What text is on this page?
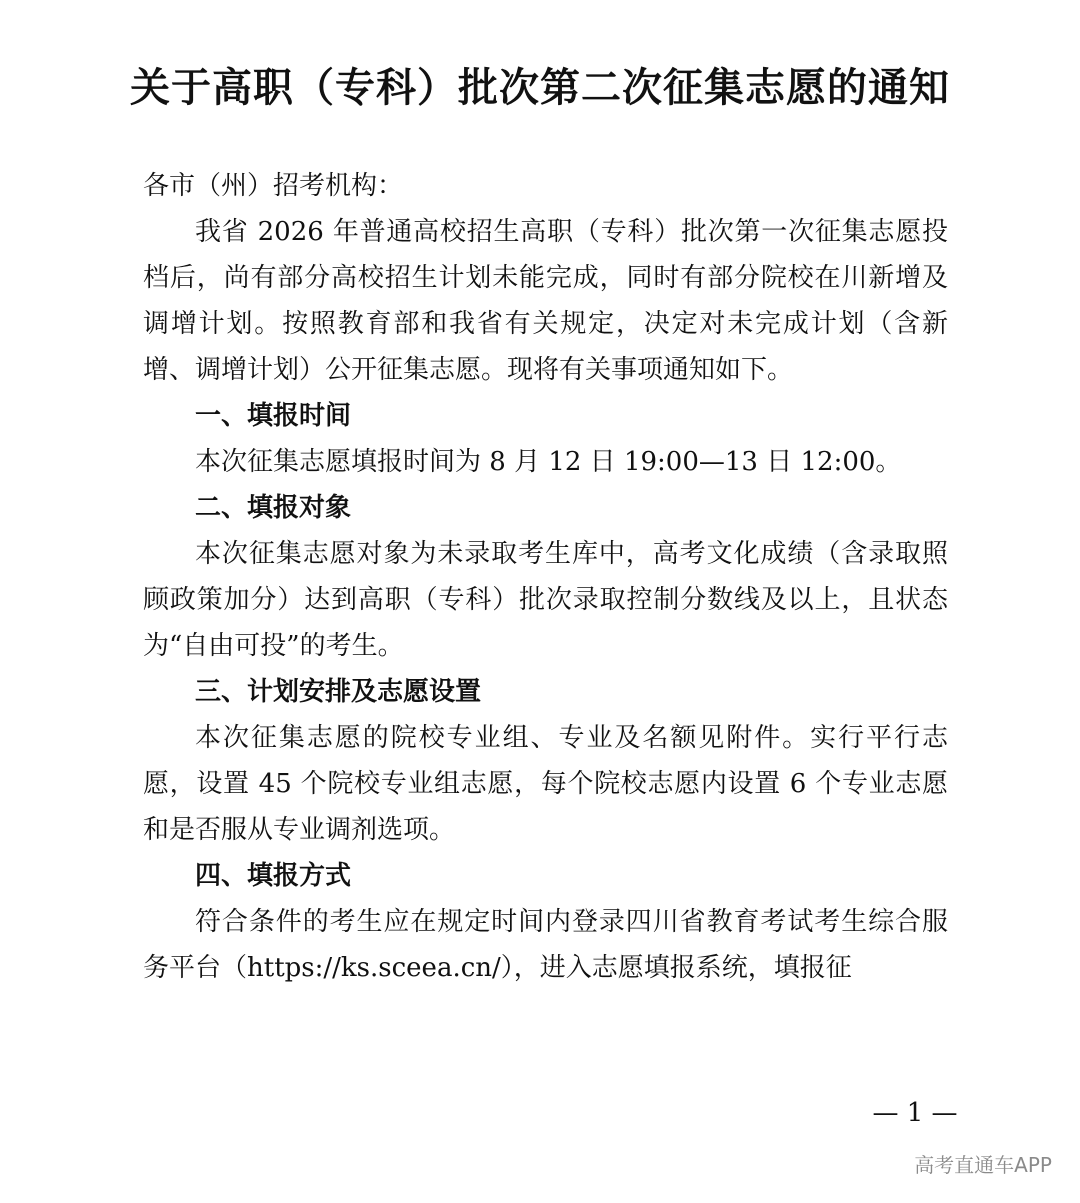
关于高职（专科）批次第二次征集志愿的通知

各市（州）招考机构：

我省 2026 年普通高校招生高职（专科）批次第一次征集志愿投档后，尚有部分高校招生计划未能完成，同时有部分院校在川新增及调增计划。按照教育部和我省有关规定，决定对未完成计划（含新增、调增计划）公开征集志愿。现将有关事项通知如下。

一、填报时间

本次征集志愿填报时间为 8 月 12 日 19:00—13 日 12:00。

二、填报对象

本次征集志愿对象为未录取考生库中，高考文化成绩（含录取照顾政策加分）达到高职（专科）批次录取控制分数线及以上，且状态为“自由可投”的考生。

三、计划安排及志愿设置

本次征集志愿的院校专业组、专业及名额见附件。实行平行志愿，设置 45 个院校专业组志愿，每个院校志愿内设置 6 个专业志愿和是否服从专业调剂选项。

四、填报方式

符合条件的考生应在规定时间内登录四川省教育考试考生综合服务平台（https://ks.sceea.cn/），进入志愿填报系统，填报征

— 1 —
高考直通车APP
